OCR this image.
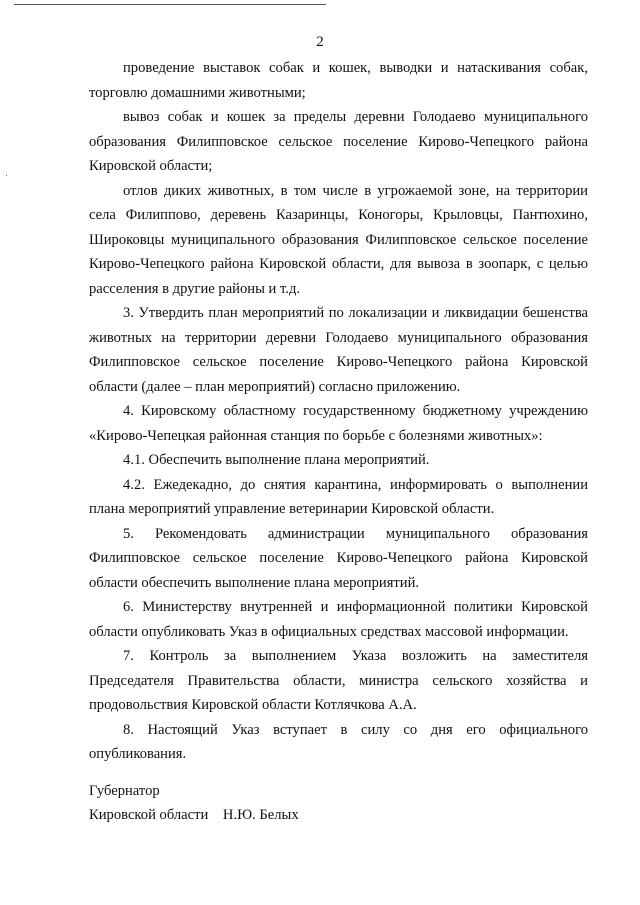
2

проведение выставок собак и кошек, выводки и натаскивания собак, торговлю домашними животными;

вывоз собак и кошек за пределы деревни Голодаево муниципального образования Филипповское сельское поселение Кирово-Чепецкого района Кировской области;

отлов диких животных, в том числе в угрожаемой зоне, на территории села Филиппово, деревень Казаринцы, Коногоры, Крыловцы, Пантюхино, Широковцы муниципального образования Филипповское сельское поселение Кирово-Чепецкого района Кировской области, для вывоза в зоопарк, с целью расселения в другие районы и т.д.

3. Утвердить план мероприятий по локализации и ликвидации бешенства животных на территории деревни Голодаево муниципального образования Филипповское сельское поселение Кирово-Чепецкого района Кировской области (далее – план мероприятий) согласно приложению.

4. Кировскому областному государственному бюджетному учреждению «Кирово-Чепецкая районная станция по борьбе с болезнями животных»:

4.1. Обеспечить выполнение плана мероприятий.

4.2. Ежедекадно, до снятия карантина, информировать о выполнении плана мероприятий управление ветеринарии Кировской области.

5. Рекомендовать администрации муниципального образования Филипповское сельское поселение Кирово-Чепецкого района Кировской области обеспечить выполнение плана мероприятий.

6. Министерству внутренней и информационной политики Кировской области опубликовать Указ в официальных средствах массовой информации.

7. Контроль за выполнением Указа возложить на заместителя Председателя Правительства области, министра сельского хозяйства и продовольствия Кировской области Котлячкова А.А.

8. Настоящий Указ вступает в силу со дня его официального опубликования.

Губернатор
Кировской области Н.Ю. Белых
